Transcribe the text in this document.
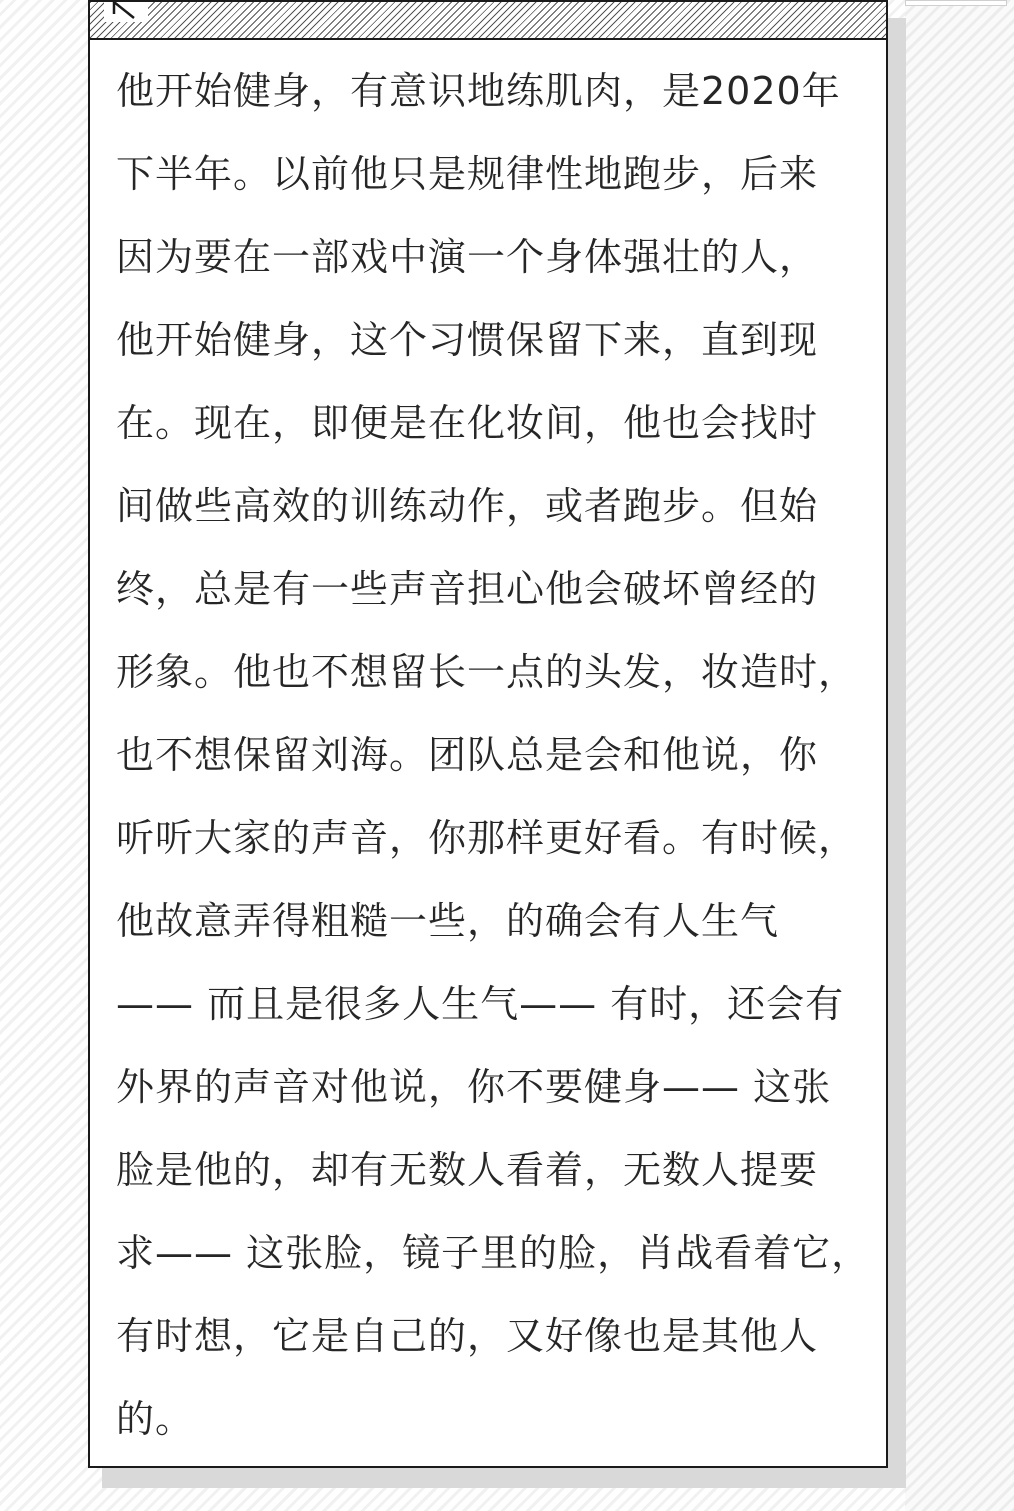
他开始健身，有意识地练肌肉，是2020年
下半年。以前他只是规律性地跑步，后来
因为要在一部戏中演一个身体强壮的人，
他开始健身，这个习惯保留下来，直到现
在。现在，即便是在化妆间，他也会找时
间做些高效的训练动作，或者跑步。但始
终，总是有一些声音担心他会破坏曾经的
形象。他也不想留长一点的头发，妆造时，
也不想保留刘海。团队总是会和他说，你
听听大家的声音，你那样更好看。有时候，
他故意弄得粗糙一些，的确会有人生气
—— 而且是很多人生气—— 有时，还会有
外界的声音对他说，你不要健身—— 这张
脸是他的，却有无数人看着，无数人提要
求—— 这张脸，镜子里的脸，肖战看着它，
有时想，它是自己的，又好像也是其他人
的。
